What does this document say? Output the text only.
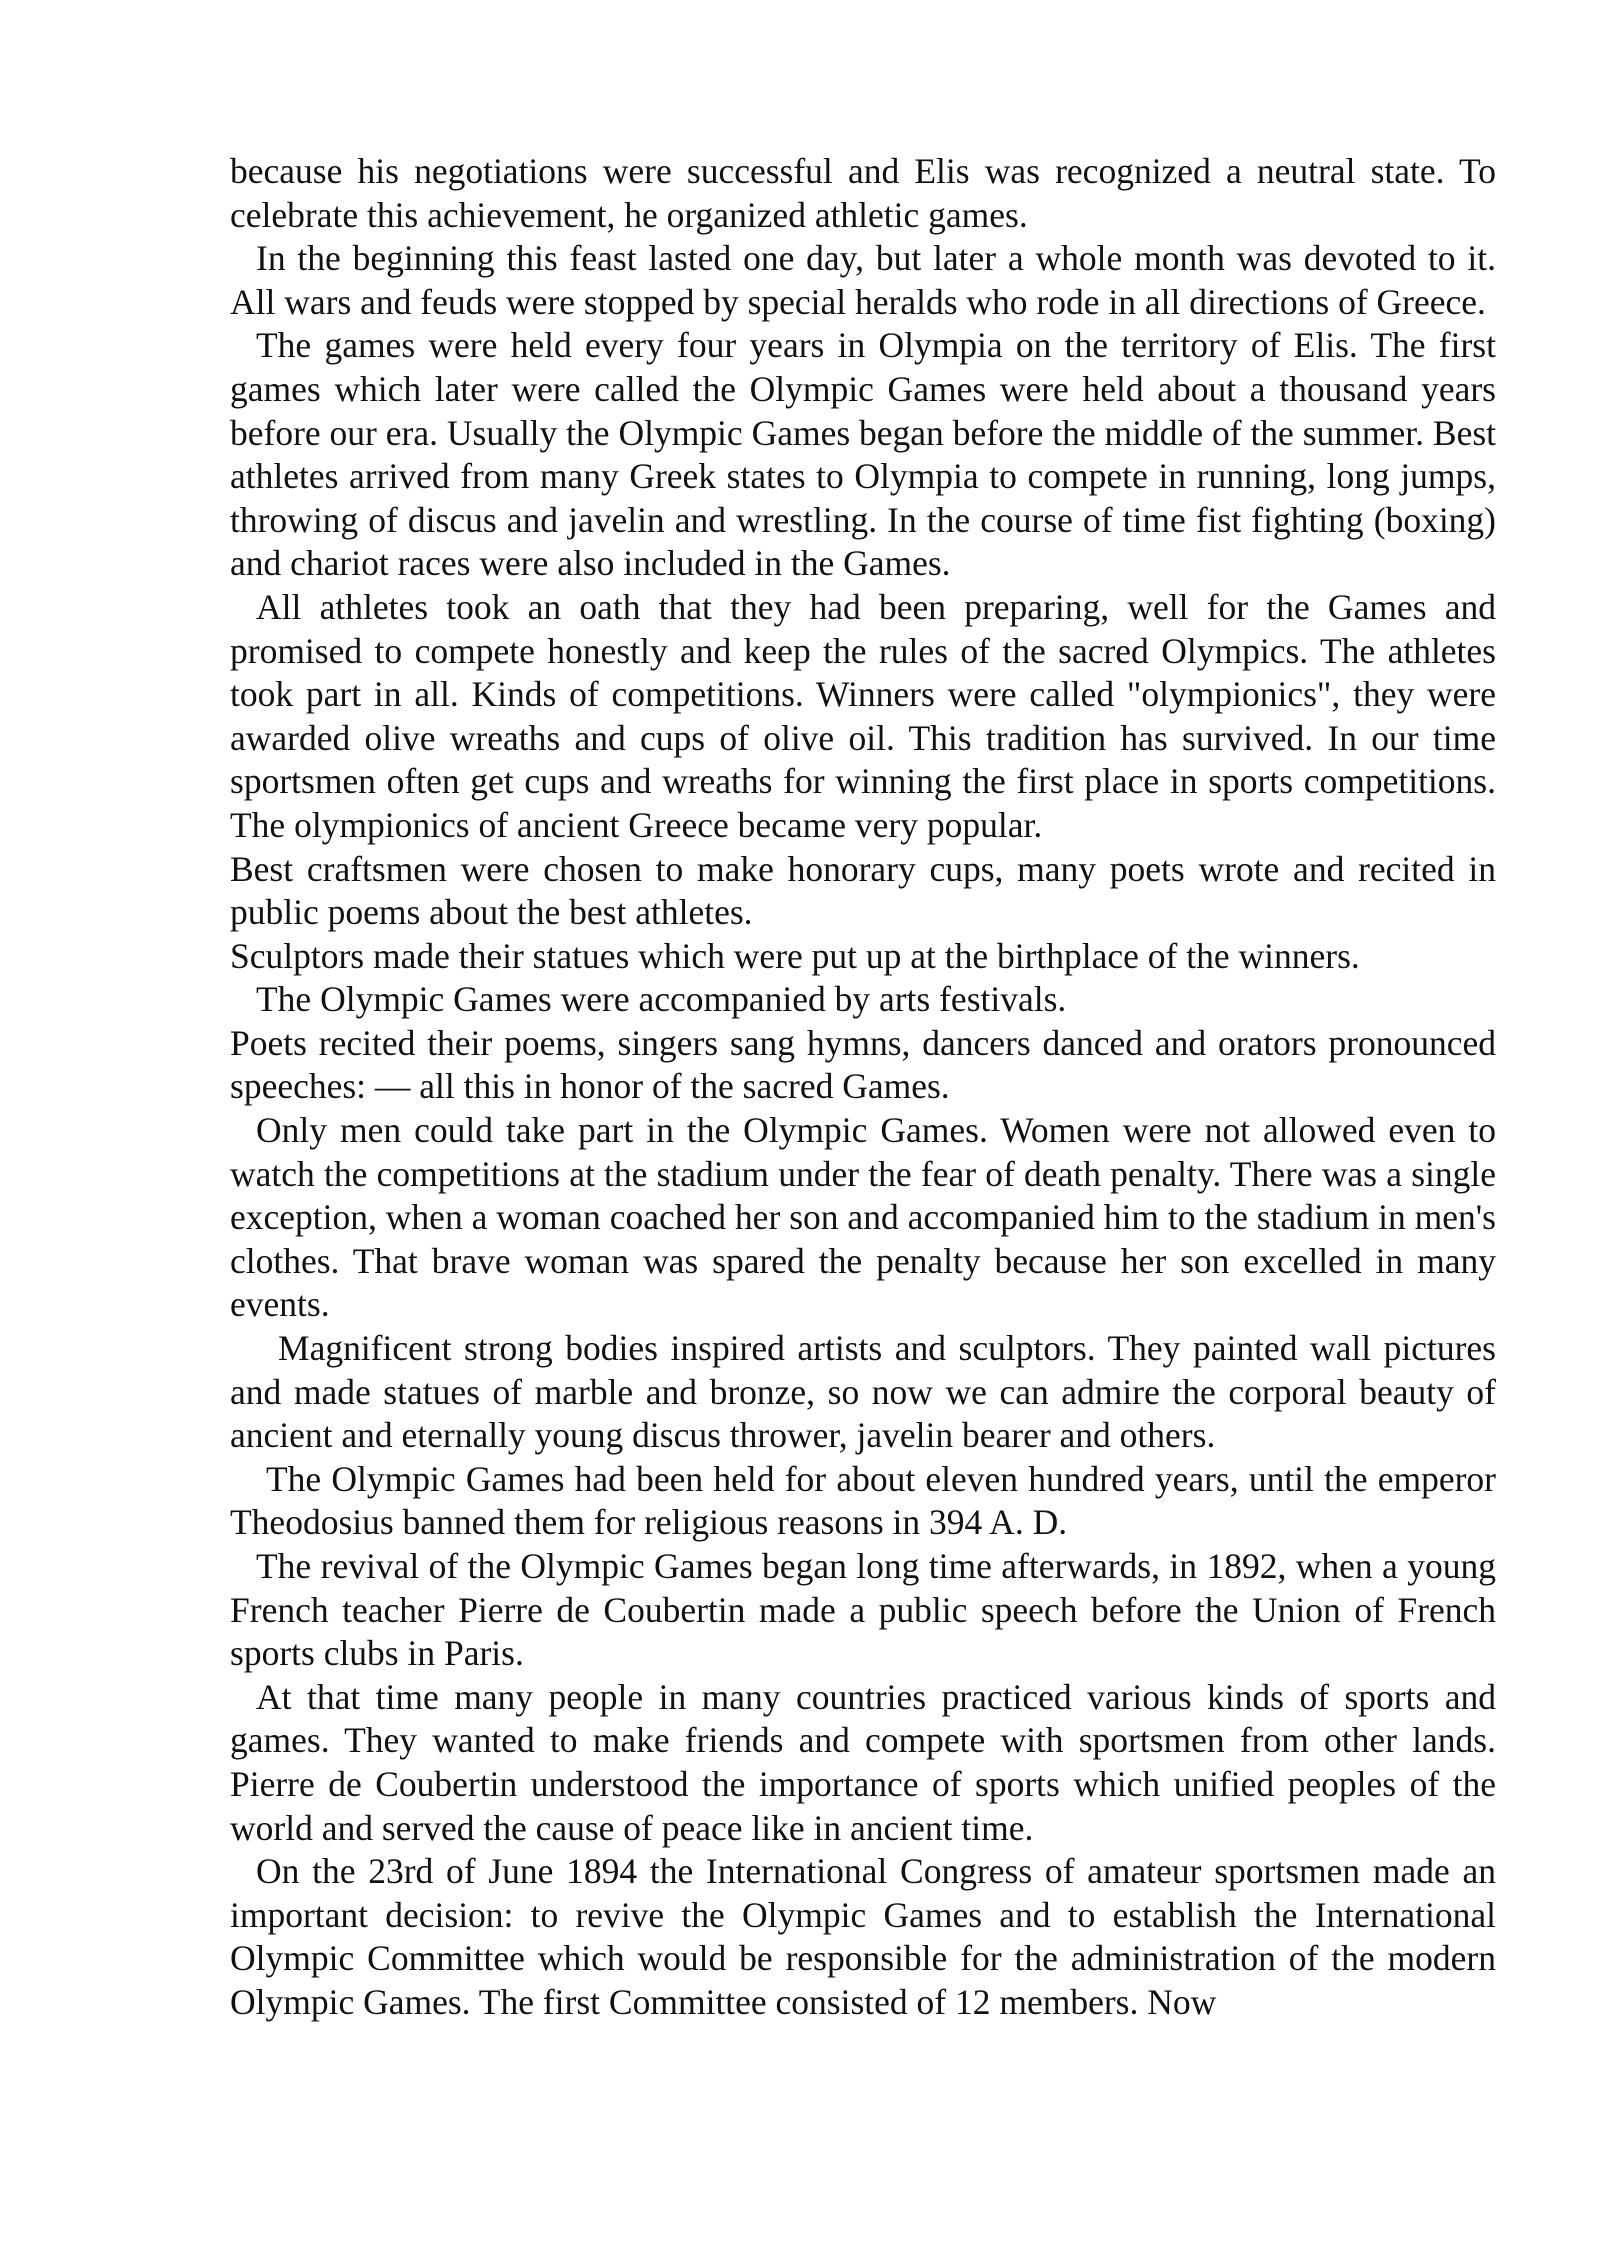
because his negotiations were successful and Elis was recognized a neutral state. To celebrate this achievement, he organized athletic games.

In the beginning this feast lasted one day, but later a whole month was devoted to it. All wars and feuds were stopped by special heralds who rode in all directions of Greece.

The games were held every four years in Olympia on the territory of Elis. The first games which later were called the Olympic Games were held about a thousand years before our era. Usually the Olympic Games began before the middle of the summer. Best athletes arrived from many Greek states to Olympia to compete in running, long jumps, throwing of discus and javelin and wrestling. In the course of time fist fighting (boxing) and chariot races were also included in the Games.

All athletes took an oath that they had been preparing, well for the Games and promised to compete honestly and keep the rules of the sacred Olympics. The athletes took part in all. Kinds of competitions. Winners were called "olympionics", they were awarded olive wreaths and cups of olive oil. This tradition has survived. In our time sportsmen often get cups and wreaths for winning the first place in sports competitions. The olympionics of ancient Greece became very popular.

Best craftsmen were chosen to make honorary cups, many poets wrote and recited in public poems about the best athletes.

Sculptors made their statues which were put up at the birthplace of the winners.

The Olympic Games were accompanied by arts festivals.

Poets recited their poems, singers sang hymns, dancers danced and orators pronounced speeches: — all this in honor of the sacred Games.

Only men could take part in the Olympic Games. Women were not allowed even to watch the competitions at the stadium under the fear of death penalty. There was a single exception, when a woman coached her son and accompanied him to the stadium in men's clothes. That brave woman was spared the penalty because her son excelled in many events.

Magnificent strong bodies inspired artists and sculptors. They painted wall pictures and made statues of marble and bronze, so now we can admire the corporal beauty of ancient and eternally young discus thrower, javelin bearer and others.

The Olympic Games had been held for about eleven hundred years, until the emperor Theodosius banned them for religious reasons in 394 A. D.

The revival of the Olympic Games began long time afterwards, in 1892, when a young French teacher Pierre de Coubertin made a public speech before the Union of French sports clubs in Paris.

At that time many people in many countries practiced various kinds of sports and games. They wanted to make friends and compete with sportsmen from other lands. Pierre de Coubertin understood the importance of sports which unified peoples of the world and served the cause of peace like in ancient time.

On the 23rd of June 1894 the International Congress of amateur sportsmen made an important decision: to revive the Olympic Games and to establish the International Olympic Committee which would be responsible for the administration of the modern Olympic Games. The first Committee consisted of 12 members. Now
